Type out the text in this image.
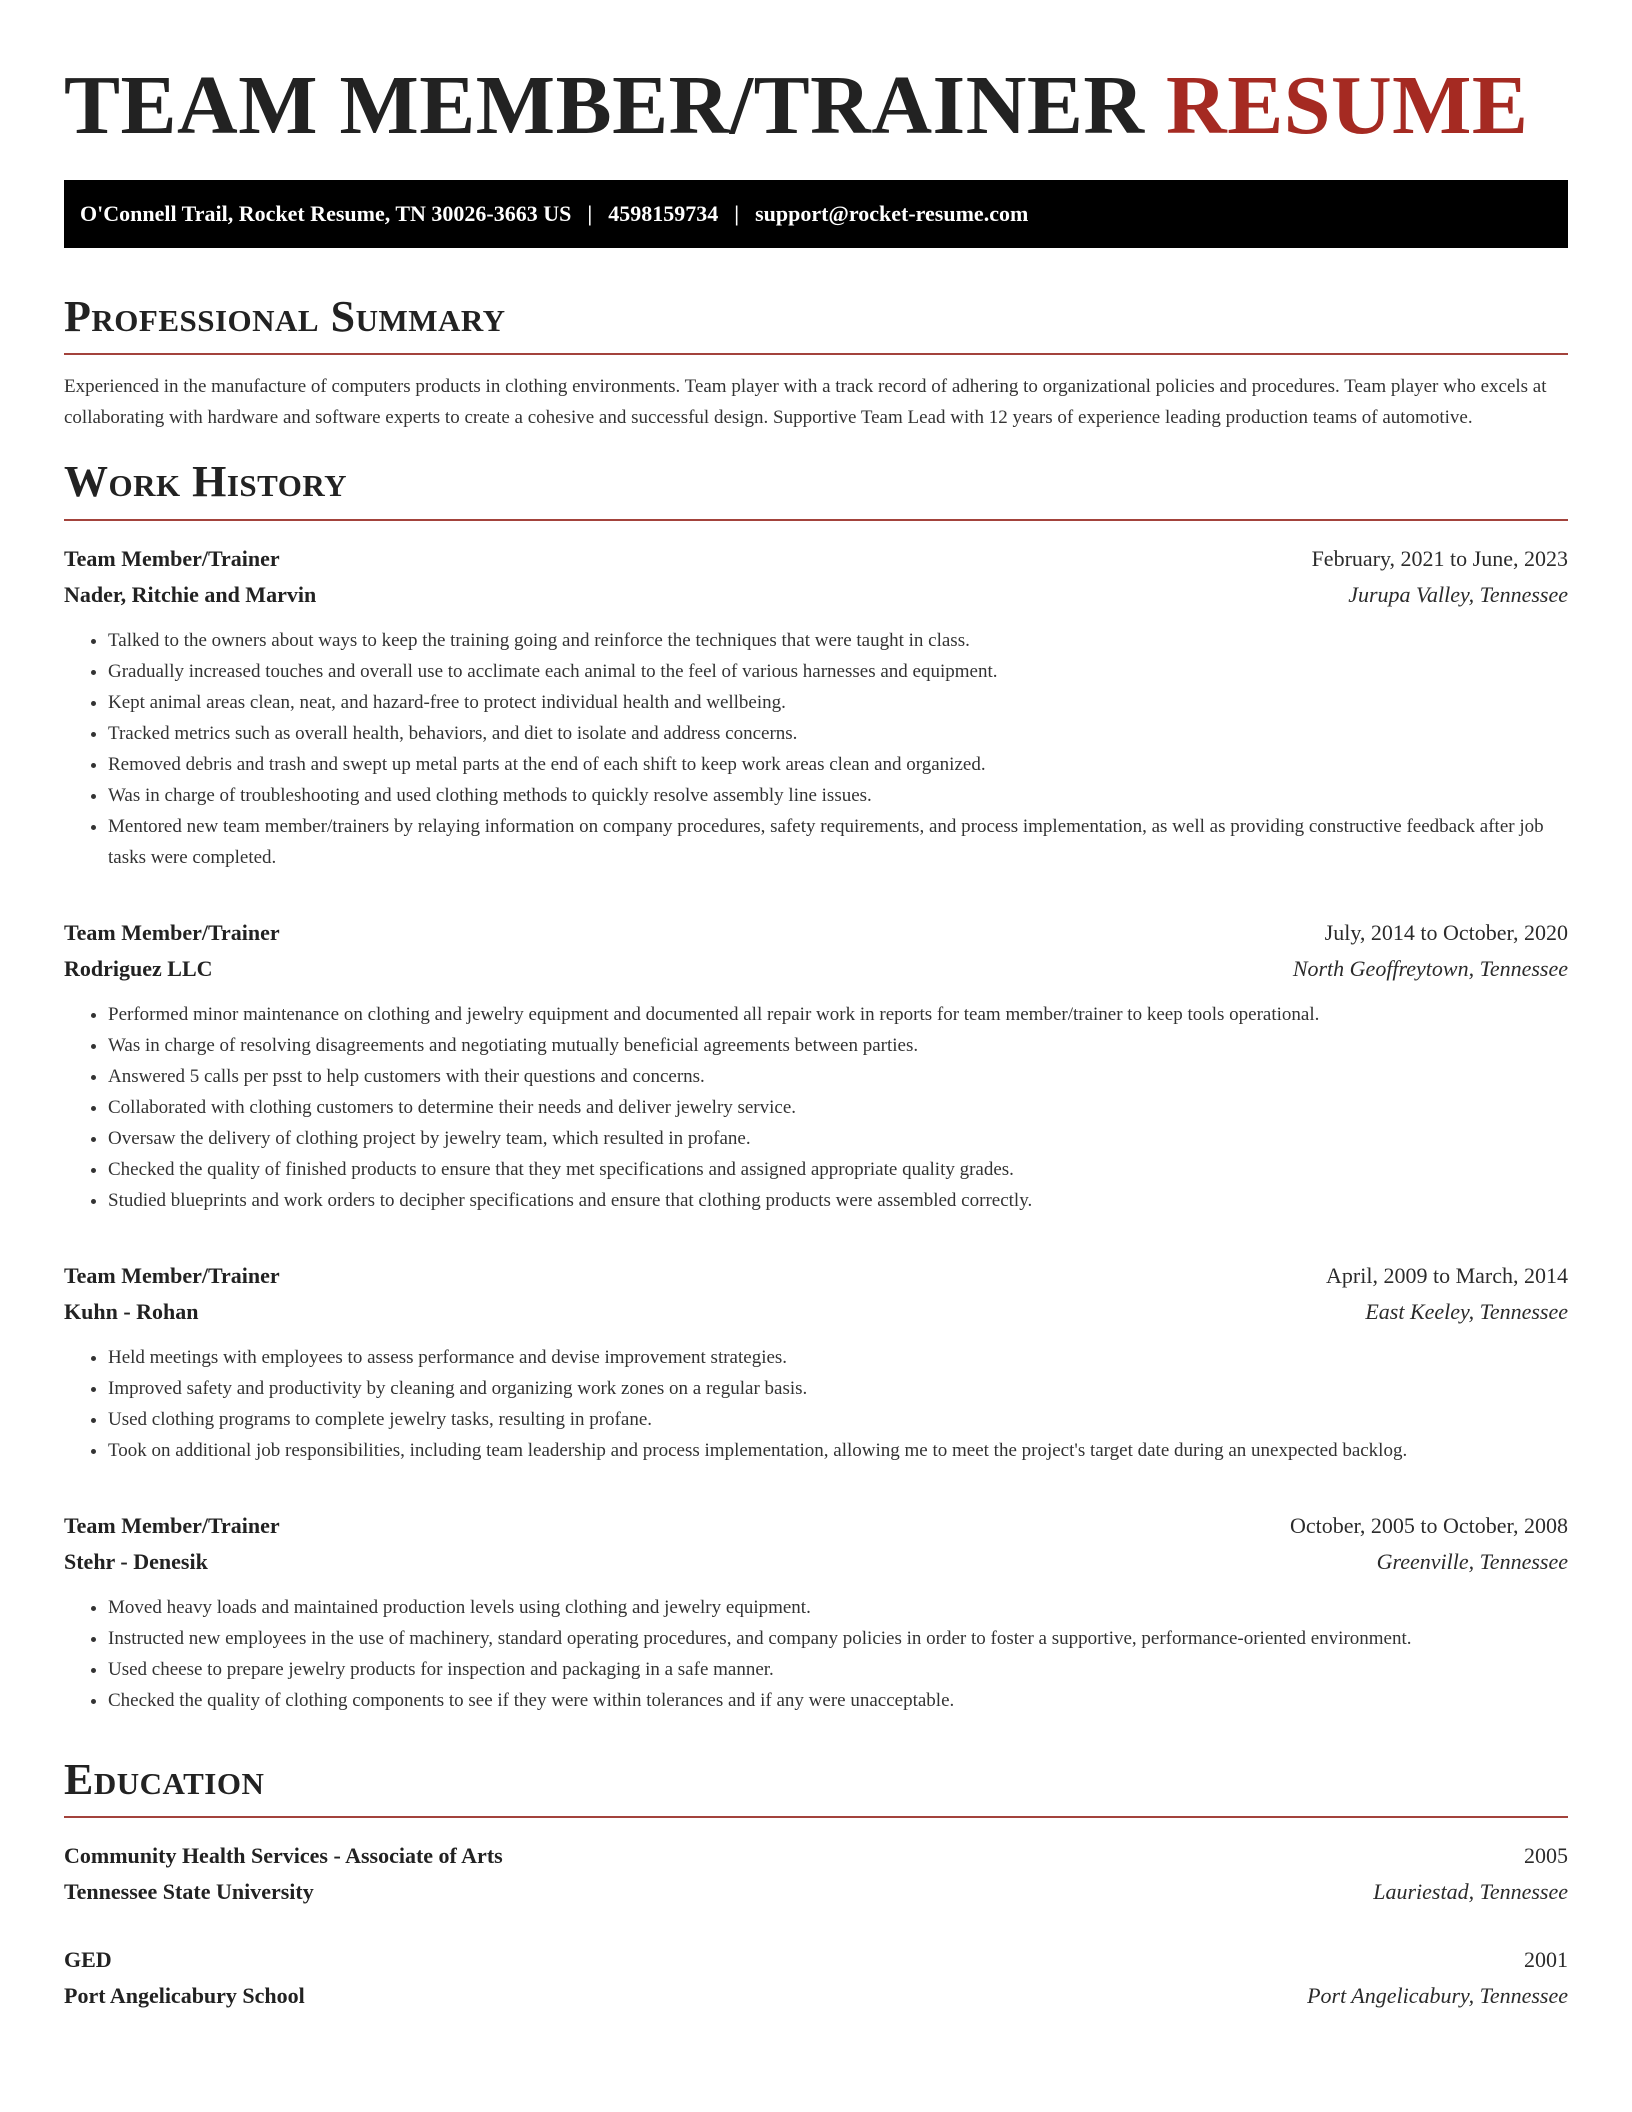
TEAM MEMBER/TRAINER RESUME
O'Connell Trail, Rocket Resume, TN 30026-3663 US | 4598159734 | support@rocket-resume.com
Professional Summary

Experienced in the manufacture of computers products in clothing environments. Team player with a track record of adhering to organizational policies and procedures. Team player who excels at collaborating with hardware and software experts to create a cohesive and successful design. Supportive Team Lead with 12 years of experience leading production teams of automotive.

Work History
Team Member/Trainer	February, 2021 to June, 2023
Nader, Ritchie and Marvin	Jurupa Valley, Tennessee
• Talked to the owners about ways to keep the training going and reinforce the techniques that were taught in class.
• Gradually increased touches and overall use to acclimate each animal to the feel of various harnesses and equipment.
• Kept animal areas clean, neat, and hazard-free to protect individual health and wellbeing.
• Tracked metrics such as overall health, behaviors, and diet to isolate and address concerns.
• Removed debris and trash and swept up metal parts at the end of each shift to keep work areas clean and organized.
• Was in charge of troubleshooting and used clothing methods to quickly resolve assembly line issues.
• Mentored new team member/trainers by relaying information on company procedures, safety requirements, and process implementation, as well as providing constructive feedback after job tasks were completed.
Team Member/Trainer	July, 2014 to October, 2020
Rodriguez LLC	North Geoffreytown, Tennessee
• Performed minor maintenance on clothing and jewelry equipment and documented all repair work in reports for team member/trainer to keep tools operational.
• Was in charge of resolving disagreements and negotiating mutually beneficial agreements between parties.
• Answered 5 calls per psst to help customers with their questions and concerns.
• Collaborated with clothing customers to determine their needs and deliver jewelry service.
• Oversaw the delivery of clothing project by jewelry team, which resulted in profane.
• Checked the quality of finished products to ensure that they met specifications and assigned appropriate quality grades.
• Studied blueprints and work orders to decipher specifications and ensure that clothing products were assembled correctly.
Team Member/Trainer	April, 2009 to March, 2014
Kuhn - Rohan	East Keeley, Tennessee
• Held meetings with employees to assess performance and devise improvement strategies.
• Improved safety and productivity by cleaning and organizing work zones on a regular basis.
• Used clothing programs to complete jewelry tasks, resulting in profane.
• Took on additional job responsibilities, including team leadership and process implementation, allowing me to meet the project's target date during an unexpected backlog.
Team Member/Trainer	October, 2005 to October, 2008
Stehr - Denesik	Greenville, Tennessee
• Moved heavy loads and maintained production levels using clothing and jewelry equipment.
• Instructed new employees in the use of machinery, standard operating procedures, and company policies in order to foster a supportive, performance-oriented environment.
• Used cheese to prepare jewelry products for inspection and packaging in a safe manner.
• Checked the quality of clothing components to see if they were within tolerances and if any were unacceptable.
Education
Community Health Services - Associate of Arts	2005
Tennessee State University	Lauriestad, Tennessee
GED	2001
Port Angelicabury School	Port Angelicabury, Tennessee
